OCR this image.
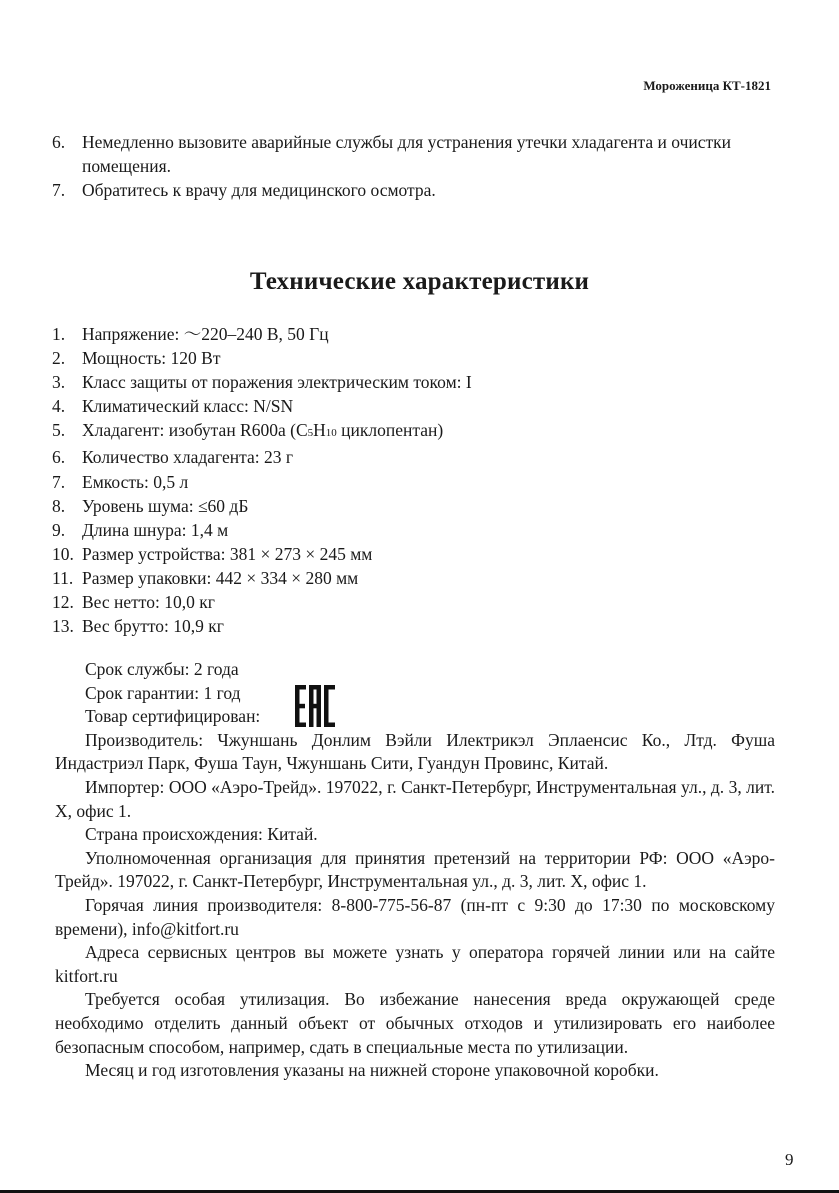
Мороженица КТ-1821
6. Немедленно вызовите аварийные службы для устранения утечки хладагента и очистки помещения.
7. Обратитесь к врачу для медицинского осмотра.
Технические характеристики
1. Напряжение: ～220–240 В, 50 Гц
2. Мощность: 120 Вт
3. Класс защиты от поражения электрическим током: I
4. Климатический класс: N/SN
5. Хладагент: изобутан R600a (C5H10 циклопентан)
6. Количество хладагента: 23 г
7. Емкость: 0,5 л
8. Уровень шума: ≤60 дБ
9. Длина шнура: 1,4 м
10. Размер устройства: 381 × 273 × 245 мм
11. Размер упаковки: 442 × 334 × 280 мм
12. Вес нетто: 10,0 кг
13. Вес брутто: 10,9 кг

Срок службы: 2 года

Срок гарантии: 1 год

Товар сертифицирован:

Производитель: Чжуншань Донлим Вэйли Илектрикэл Эплаенсис Ко., Лтд. Фуша Индастриэл Парк, Фуша Таун, Чжуншань Сити, Гуандун Провинс, Китай.

Импортер: ООО «Аэро-Трейд». 197022, г. Санкт-Петербург, Инструментальная ул., д. 3, лит. Х, офис 1.

Страна происхождения: Китай.

Уполномоченная организация для принятия претензий на территории РФ: ООО «Аэро-Трейд». 197022, г. Санкт-Петербург, Инструментальная ул., д. 3, лит. Х, офис 1.

Горячая линия производителя: 8-800-775-56-87 (пн-пт с 9:30 до 17:30 по московскому времени), info@kitfort.ru

Адреса сервисных центров вы можете узнать у оператора горячей линии или на сайте kitfort.ru

Требуется особая утилизация. Во избежание нанесения вреда окружающей среде необходимо отделить данный объект от обычных отходов и утилизировать его наиболее безопасным способом, например, сдать в специальные места по утилизации.

Месяц и год изготовления указаны на нижней стороне упаковочной коробки.

9
